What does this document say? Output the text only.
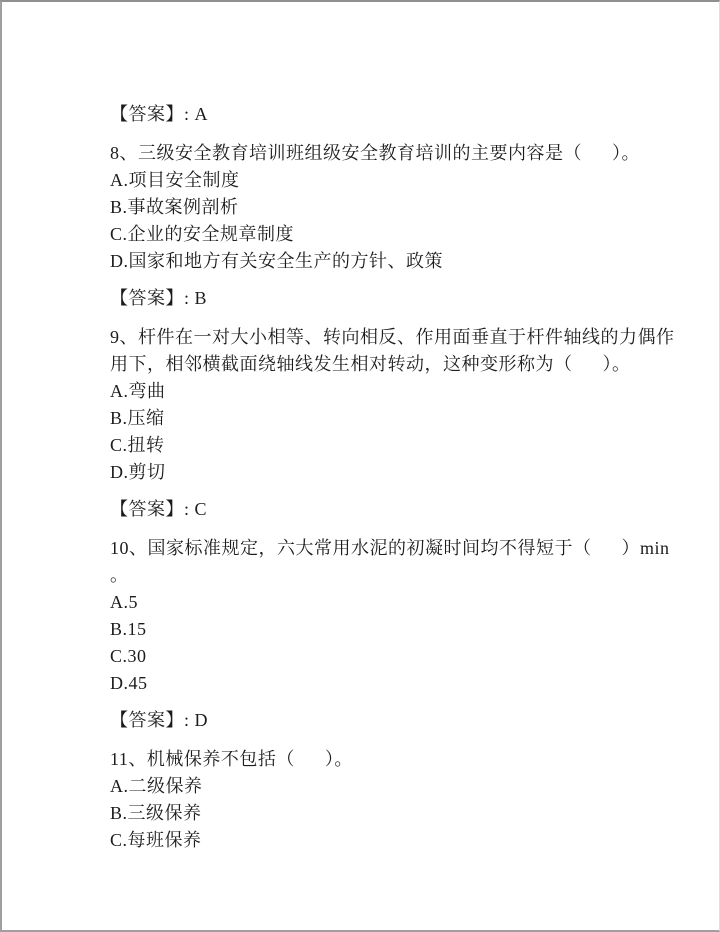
【答案】: A
8、三级安全教育培训班组级安全教育培训的主要内容是（      ）。
A.项目安全制度
B.事故案例剖析
C.企业的安全规章制度
D.国家和地方有关安全生产的方针、政策
【答案】: B
9、杆件在一对大小相等、转向相反、作用面垂直于杆件轴线的力偶作
用下，相邻横截面绕轴线发生相对转动，这种变形称为（      ）。
A.弯曲
B.压缩
C.扭转
D.剪切
【答案】: C
10、国家标准规定，六大常用水泥的初凝时间均不得短于（      ）min
。
A.5
B.15
C.30
D.45
【答案】: D
11、机械保养不包括（      ）。
A.二级保养
B.三级保养
C.每班保养
